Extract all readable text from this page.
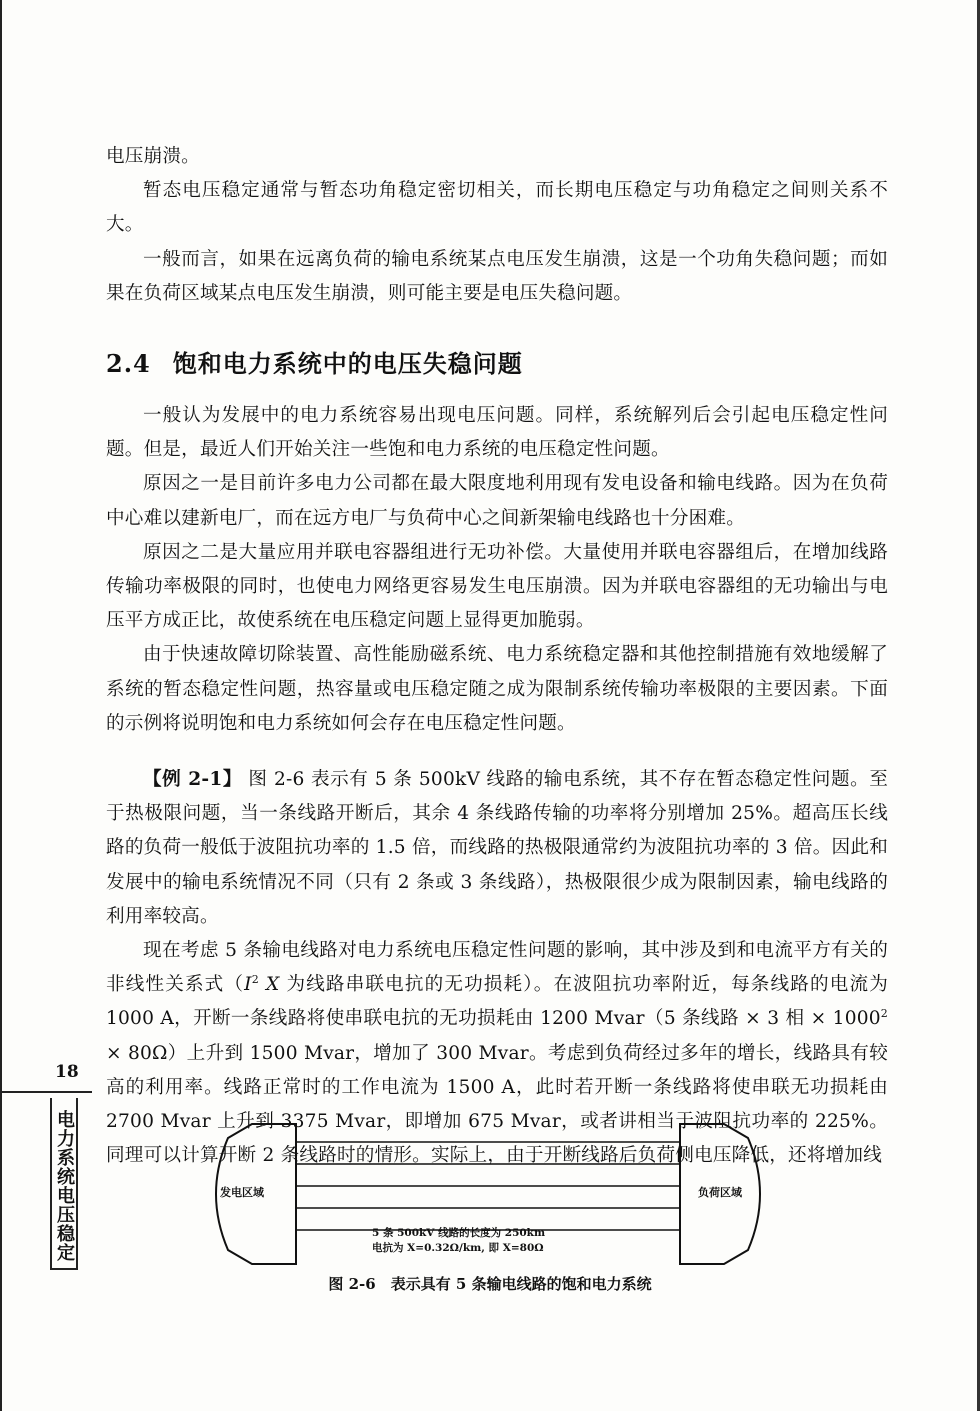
电压崩溃。

暂态电压稳定通常与暂态功角稳定密切相关，而长期电压稳定与功角稳定之间则关系不大。

一般而言，如果在远离负荷的输电系统某点电压发生崩溃，这是一个功角失稳问题；而如果在负荷区域某点电压发生崩溃，则可能主要是电压失稳问题。

2.4 饱和电力系统中的电压失稳问题

一般认为发展中的电力系统容易出现电压问题。同样，系统解列后会引起电压稳定性问题。但是，最近人们开始关注一些饱和电力系统的电压稳定性问题。

原因之一是目前许多电力公司都在最大限度地利用现有发电设备和输电线路。因为在负荷中心难以建新电厂，而在远方电厂与负荷中心之间新架输电线路也十分困难。

原因之二是大量应用并联电容器组进行无功补偿。大量使用并联电容器组后，在增加线路传输功率极限的同时，也使电力网络更容易发生电压崩溃。因为并联电容器组的无功输出与电压平方成正比，故使系统在电压稳定问题上显得更加脆弱。

由于快速故障切除装置、高性能励磁系统、电力系统稳定器和其他控制措施有效地缓解了系统的暂态稳定性问题，热容量或电压稳定随之成为限制系统传输功率极限的主要因素。下面的示例将说明饱和电力系统如何会存在电压稳定性问题。

【例 2-1】 图 2-6 表示有 5 条 500kV 线路的输电系统，其不存在暂态稳定性问题。至于热极限问题，当一条线路开断后，其余 4 条线路传输的功率将分别增加 25%。超高压长线路的负荷一般低于波阻抗功率的 1.5 倍，而线路的热极限通常约为波阻抗功率的 3 倍。因此和发展中的输电系统情况不同（只有 2 条或 3 条线路），热极限很少成为限制因素，输电线路的利用率较高。

现在考虑 5 条输电线路对电力系统电压稳定性问题的影响，其中涉及到和电流平方有关的非线性关系式（$I^2$ X 为线路串联电抗的无功损耗）。在波阻抗功率附近，每条线路的电流为 1000 A，开断一条线路将使串联电抗的无功损耗由 1200 Mvar（5 条线路 × 3 相 × $1000^2 \times 80\Omega$）上升到 1500 Mvar，增加了 300 Mvar。考虑到负荷经过多年的增长，线路具有较高的利用率。线路正常时的工作电流为 1500 A，此时若开断一条线路将使串联无功损耗由 2700 Mvar 上升到 3375 Mvar，即增加 675 Mvar，或者讲相当于波阻抗功率的 225%。同理可以计算开断 2 条线路时的情形。实际上，由于开断线路后负荷侧电压降低，还将增加线

18
电力系统电压稳定	发电区域	负荷区域
5 条 500kV 线路的长度为 250km
电抗为 X=0.32Ω/km, 即 X=80Ω
图 2-6　表示具有 5 条输电线路的饱和电力系统
